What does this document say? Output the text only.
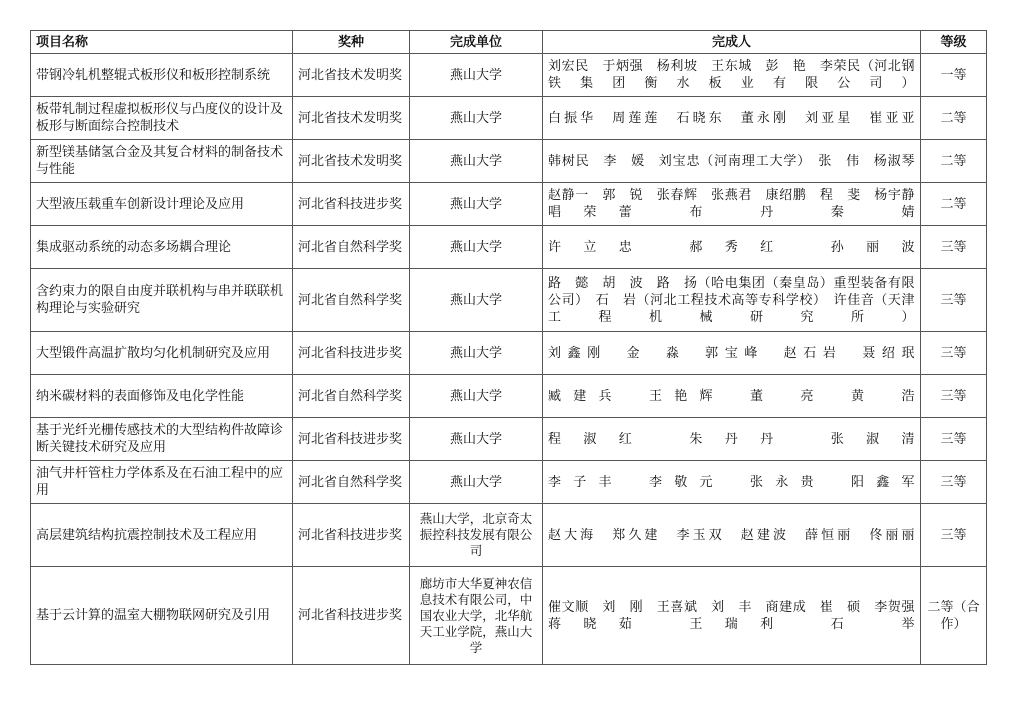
项目名称	奖种	完成单位	完成人	等级
带钢冷轧机整辊式板形仪和板形控制系统	河北省技术发明奖	燕山大学	刘宏民　于炳强　杨利坡　王东城　彭　艳　李荣民（河北钢铁集团衡水板业有限公司）	一等
板带轧制过程虚拟板形仪与凸度仪的设计及板形与断面综合控制技术	河北省技术发明奖	燕山大学	白振华　周莲莲　石晓东　董永刚　刘亚星　崔亚亚	二等
新型镁基储氢合金及其复合材料的制备技术与性能	河北省技术发明奖	燕山大学	韩树民　李　媛　刘宝忠（河南理工大学）　张　伟　杨淑琴	二等
大型液压载重车创新设计理论及应用	河北省科技进步奖	燕山大学	赵静一　郭　锐　张春辉　张燕君　康绍鹏　程　斐　杨宇静　唱荣蕾　布　丹　秦　婧	二等
集成驱动系统的动态多场耦合理论	河北省自然科学奖	燕山大学	许立忠　郝秀红　孙丽波	三等
含约束力的限自由度并联机构与串并联联机构理论与实验研究	河北省自然科学奖	燕山大学	路　懿　胡　波　路　扬（哈电集团（秦皇岛）重型装备有限公司）　石　岩（河北工程技术高等专科学校）　许佳音（天津工程机械研究所）	三等
大型锻件高温扩散均匀化机制研究及应用	河北省科技进步奖	燕山大学	刘鑫刚　金　淼　郭宝峰　赵石岩　聂绍珉	三等
纳米碳材料的表面修饰及电化学性能	河北省自然科学奖	燕山大学	臧建兵　王艳辉　董　亮　黄　浩	三等
基于光纤光栅传感技术的大型结构件故障诊断关键技术研究及应用	河北省科技进步奖	燕山大学	程淑红　朱丹丹　张淑清	三等
油气井杆管柱力学体系及在石油工程中的应用	河北省自然科学奖	燕山大学	李子丰　李敬元　张永贵　阳鑫军	三等
高层建筑结构抗震控制技术及工程应用	河北省科技进步奖	燕山大学，北京奇太振控科技发展有限公司	赵大海　郑久建　李玉双　赵建波　薛恒丽　佟丽丽	三等
基于云计算的温室大棚物联网研究及引用	河北省科技进步奖	廊坊市大华夏神农信息技术有限公司，中国农业大学，北华航天工业学院，燕山大学	催文顺　刘　刚　王喜斌　刘　丰　商建成　崔　硕　李贺强　蒋晓茹　王瑞利　石　举	二等（合作）
